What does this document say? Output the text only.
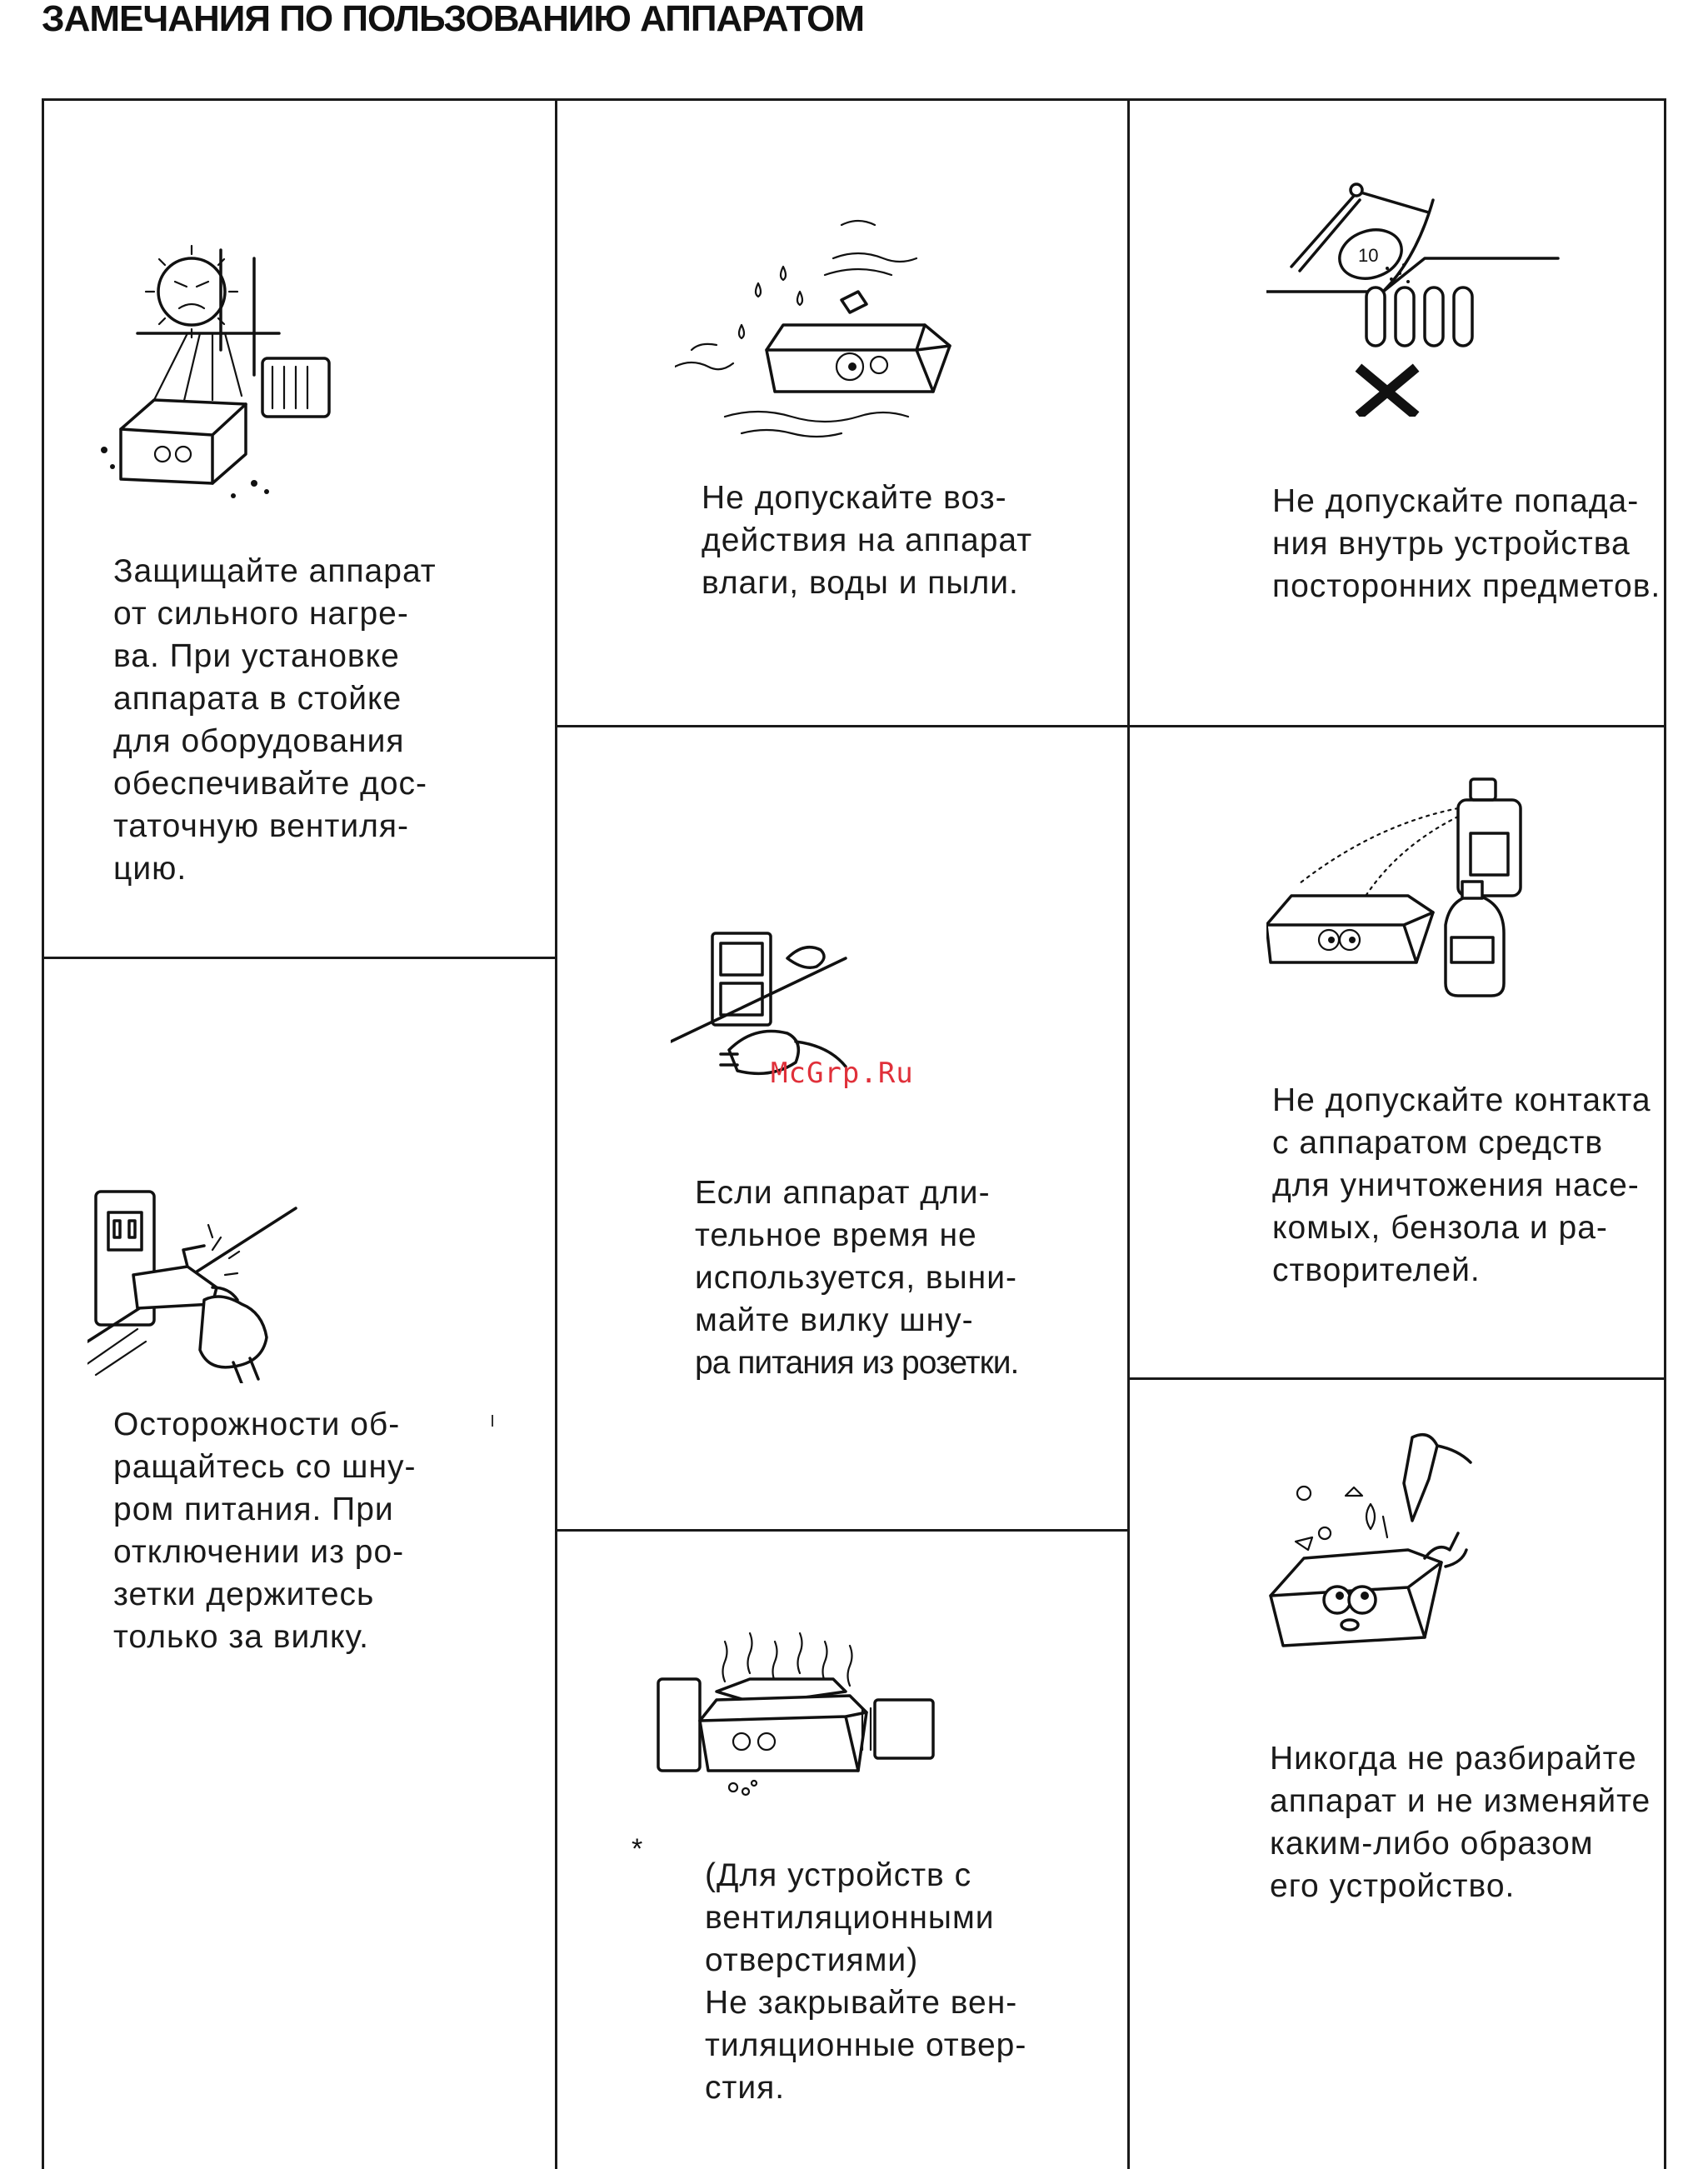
ЗАМЕЧАНИЯ ПО ПОЛЬЗОВАНИЮ АППАРАТОМ
Защищайте аппарат
от сильного нагре-
ва. При установке
аппарата в стойке
для оборудования
обеспечивайте дос-
таточную вентиля-
цию.
Не допускайте воз-
действия на аппарат
влаги, воды и пыли.
10
Не допускайте попада-
ния внутрь устройства
посторонних предметов.
Если аппарат дли-
тельное время не
используется, выни-
майте вилку шну-
ра питания из розетки.
McGrp.Ru
Не допускайте контакта
с аппаратом средств
для уничтожения насе-
комых, бензола и ра-
створителей.
Осторожности об-
ращайтесь со шну-
ром питания. При
отключении из ро-
зетки держитесь
только за вилку.
Никогда не разбирайте
аппарат и не изменяйте
каким-либо образом
его устройство.
*
(Для устройств с
вентиляционными
отверстиями)
Не закрывайте вен-
тиляционные отвер-
стия.
